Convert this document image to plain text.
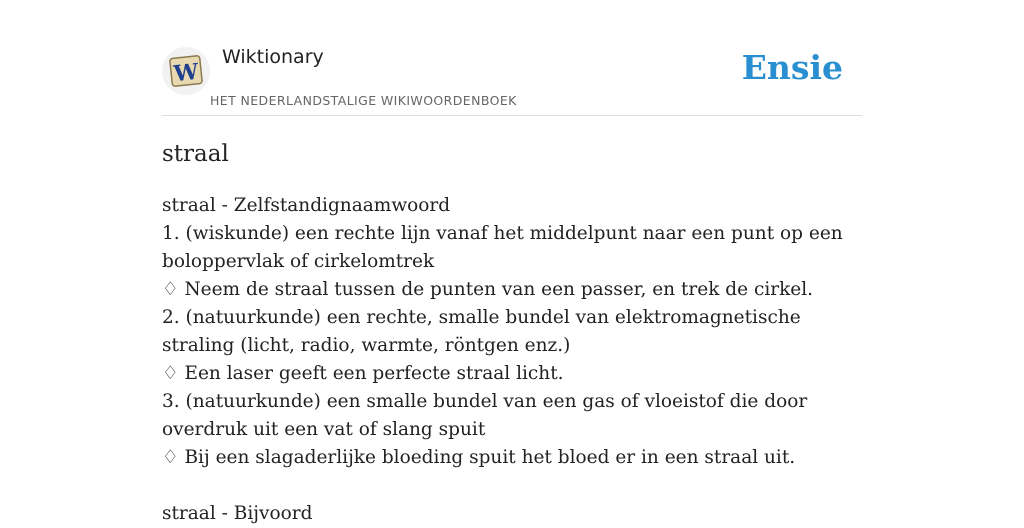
W
Wiktionary
HET NEDERLANDSTALIGE WIKIWOORDENBOEK
Ensie
straal

straal - Zelfstandignaamwoord

1. (wiskunde) een rechte lijn vanaf het middelpunt naar een punt op een boloppervlak of cirkelomtrek

♢ Neem de straal tussen de punten van een passer, en trek de cirkel.

2. (natuurkunde) een rechte, smalle bundel van elektromagnetische straling (licht, radio, warmte, röntgen enz.)

♢ Een laser geeft een perfecte straal licht.

3. (natuurkunde) een smalle bundel van een gas of vloeistof die door overdruk uit een vat of slang spuit

♢ Bij een slagaderlijke bloeding spuit het bloed er in een straal uit.

straal - Bijvoord
